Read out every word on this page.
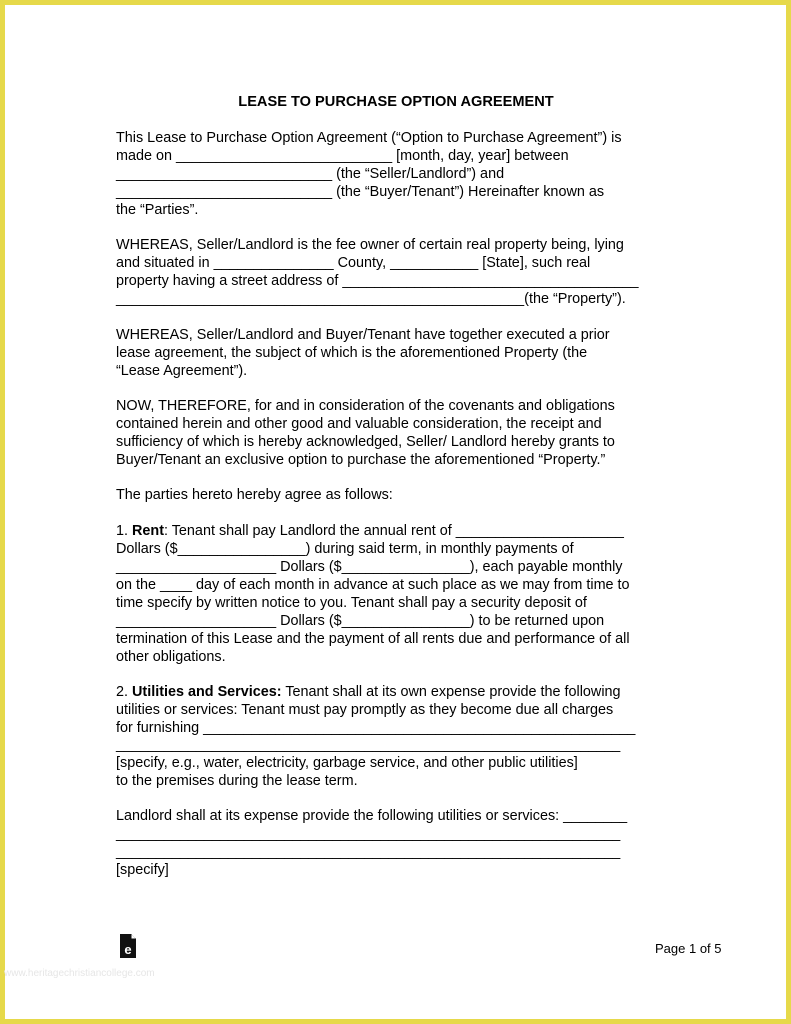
LEASE TO PURCHASE OPTION AGREEMENT
This Lease to Purchase Option Agreement (“Option to Purchase Agreement”) is
made on ___________________________ [month, day, year] between
___________________________ (the “Seller/Landlord”) and
___________________________ (the “Buyer/Tenant”) Hereinafter known as
the “Parties”.
WHEREAS, Seller/Landlord is the fee owner of certain real property being, lying
and situated in _______________ County, ___________ [State], such real
property having a street address of _____________________________________
___________________________________________________(the “Property”).
WHEREAS, Seller/Landlord and Buyer/Tenant have together executed a prior
lease agreement, the subject of which is the aforementioned Property (the
“Lease Agreement”).
NOW, THEREFORE, for and in consideration of the covenants and obligations
contained herein and other good and valuable consideration, the receipt and
sufficiency of which is hereby acknowledged, Seller/ Landlord hereby grants to
Buyer/Tenant an exclusive option to purchase the aforementioned “Property.”
The parties hereto hereby agree as follows:
1. Rent: Tenant shall pay Landlord the annual rent of _____________________
Dollars ($________________) during said term, in monthly payments of
____________________ Dollars ($________________), each payable monthly
on the ____ day of each month in advance at such place as we may from time to
time specify by written notice to you. Tenant shall pay a security deposit of
____________________ Dollars ($________________) to be returned upon
termination of this Lease and the payment of all rents due and performance of all
other obligations.
2. Utilities and Services: Tenant shall at its own expense provide the following
utilities or services: Tenant must pay promptly as they become due all charges
for furnishing ______________________________________________________
_______________________________________________________________
[specify, e.g., water, electricity, garbage service, and other public utilities]
to the premises during the lease term.
Landlord shall at its expense provide the following utilities or services: ________
_______________________________________________________________
_______________________________________________________________
[specify]
e	Page 1 of 5
www.heritagechristiancollege.com
